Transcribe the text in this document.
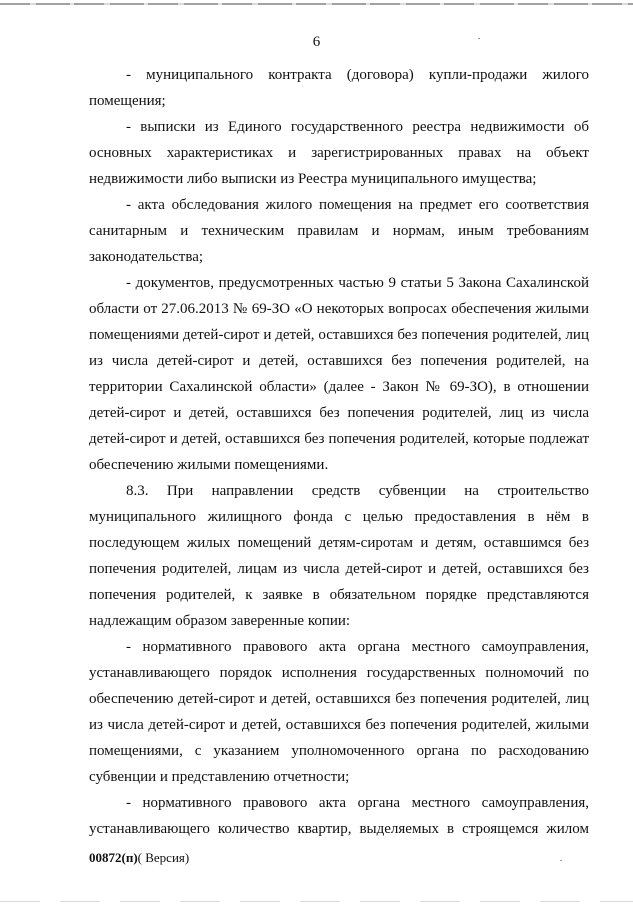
6
- муниципального контракта (договора) купли-продажи жилого
помещения;
- выписки из Единого государственного реестра недвижимости об
основных характеристиках и зарегистрированных правах на объект
недвижимости либо выписки из Реестра муниципального имущества;
- акта обследования жилого помещения на предмет его соответствия
санитарным и техническим правилам и нормам, иным требованиям
законодательства;
- документов, предусмотренных частью 9 статьи 5 Закона Сахалинской
области от 27.06.2013 № 69-ЗО «О некоторых вопросах обеспечения жилыми
помещениями детей-сирот и детей, оставшихся без попечения родителей, лиц
из числа детей-сирот и детей, оставшихся без попечения родителей, на
территории Сахалинской области» (далее - Закон № 69-ЗО), в отношении
детей-сирот и детей, оставшихся без попечения родителей, лиц из числа
детей-сирот и детей, оставшихся без попечения родителей, которые подлежат
обеспечению жилыми помещениями.
8.3. При направлении средств субвенции на строительство
муниципального жилищного фонда с целью предоставления в нём в
последующем жилых помещений детям-сиротам и детям, оставшимся без
попечения родителей, лицам из числа детей-сирот и детей, оставшихся без
попечения родителей, к заявке в обязательном порядке представляются
надлежащим образом заверенные копии:
- нормативного правового акта органа местного самоуправления,
устанавливающего порядок исполнения государственных полномочий по
обеспечению детей-сирот и детей, оставшихся без попечения родителей, лиц
из числа детей-сирот и детей, оставшихся без попечения родителей, жилыми
помещениями, с указанием уполномоченного органа по расходованию
субвенции и представлению отчетности;
- нормативного правового акта органа местного самоуправления,
устанавливающего количество квартир, выделяемых в строящемся жилом
00872(п)( Версия)
